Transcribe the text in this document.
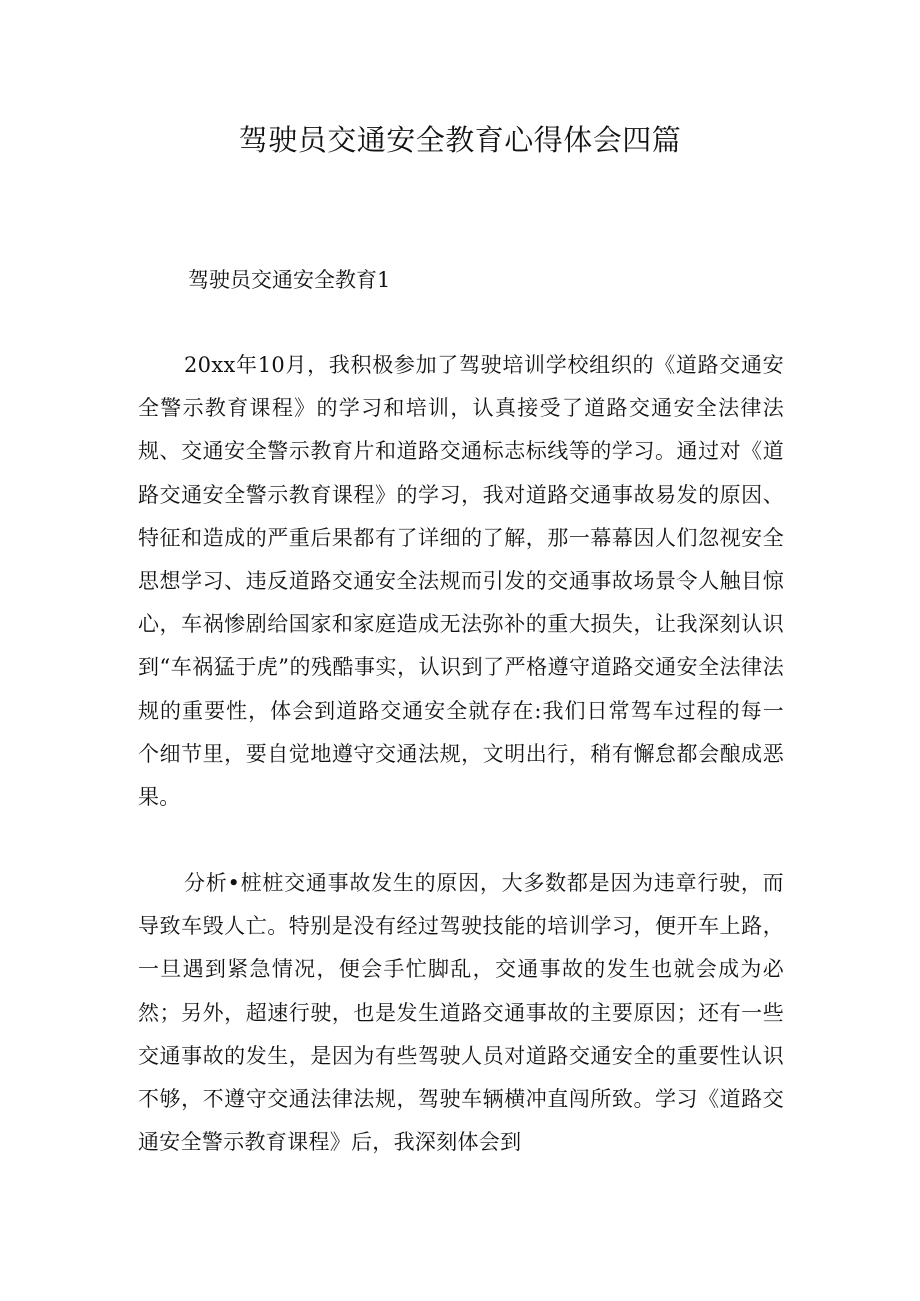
驾驶员交通安全教育心得体会四篇
驾驶员交通安全教育1

20xx年10月，我积极参加了驾驶培训学校组织的《道路交通安全警示教育课程》的学习和培训，认真接受了道路交通安全法律法规、交通安全警示教育片和道路交通标志标线等的学习。通过对《道路交通安全警示教育课程》的学习，我对道路交通事故易发的原因、特征和造成的严重后果都有了详细的了解，那一幕幕因人们忽视安全思想学习、违反道路交通安全法规而引发的交通事故场景令人触目惊心，车祸惨剧给国家和家庭造成无法弥补的重大损失，让我深刻认识到“车祸猛于虎”的残酷事实，认识到了严格遵守道路交通安全法律法规的重要性，体会到道路交通安全就存在:我们日常驾车过程的每一个细节里，要自觉地遵守交通法规，文明出行，稍有懈怠都会酿成恶果。

分析•桩桩交通事故发生的原因，大多数都是因为违章行驶，而导致车毁人亡。特别是没有经过驾驶技能的培训学习，便开车上路，一旦遇到紧急情况，便会手忙脚乱，交通事故的发生也就会成为必然；另外，超速行驶，也是发生道路交通事故的主要原因；还有一些交通事故的发生，是因为有些驾驶人员对道路交通安全的重要性认识不够，不遵守交通法律法规，驾驶车辆横冲直闯所致。学习《道路交通安全警示教育课程》后，我深刻体会到
